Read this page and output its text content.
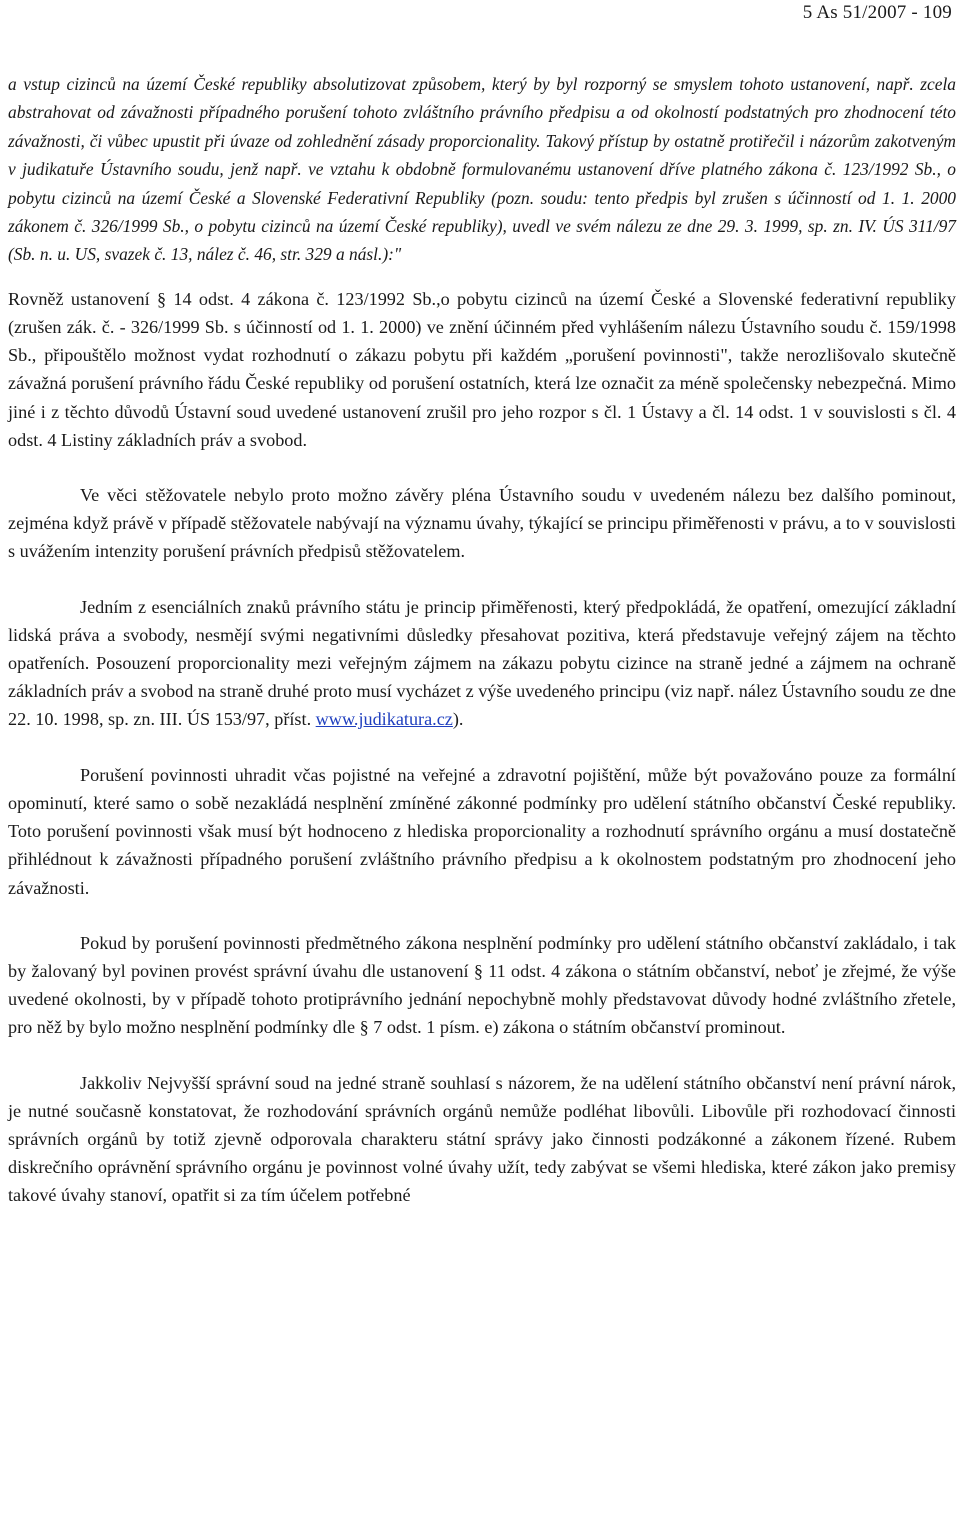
5 As 51/2007 - 109

a vstup cizinců na území České republiky absolutizovat způsobem, který by byl rozporný se smyslem tohoto ustanovení, např. zcela abstrahovat od závažnosti případného porušení tohoto zvláštního právního předpisu a od okolností podstatných pro zhodnocení této závažnosti, či vůbec upustit při úvaze od zohlednění zásady proporcionality. Takový přístup by ostatně protiřečil i názorům zakotveným v judikatuře Ústavního soudu, jenž např. ve vztahu k obdobně formulovanému ustanovení dříve platného zákona č. 123/1992 Sb., o pobytu cizinců na území České a Slovenské Federativní Republiky (pozn. soudu: tento předpis byl zrušen s účinností od 1. 1. 2000 zákonem č. 326/1999 Sb., o pobytu cizinců na území České republiky), uvedl ve svém nálezu ze dne 29. 3. 1999, sp. zn. IV. ÚS 311/97 (Sb. n. u. US, svazek č. 13, nález č. 46, str. 329 a násl.):"

Rovněž ustanovení § 14 odst. 4 zákona č. 123/1992 Sb.,o pobytu cizinců na území České a Slovenské federativní republiky (zrušen zák. č. - 326/1999 Sb. s účinností od 1. 1. 2000) ve znění účinném před vyhlášením nálezu Ústavního soudu č. 159/1998 Sb., připouštělo možnost vydat rozhodnutí o zákazu pobytu při každém „porušení povinnosti", takže nerozlišovalo skutečně závažná porušení právního řádu České republiky od porušení ostatních, která lze označit za méně společensky nebezpečná. Mimo jiné i z těchto důvodů Ústavní soud uvedené ustanovení zrušil pro jeho rozpor s čl. 1 Ústavy a čl. 14 odst. 1 v souvislosti s čl. 4 odst. 4 Listiny základních práv a svobod.

Ve věci stěžovatele nebylo proto možno závěry pléna Ústavního soudu v uvedeném nálezu bez dalšího pominout, zejména když právě v případě stěžovatele nabývají na významu úvahy, týkající se principu přiměřenosti v právu, a to v souvislosti s uvážením intenzity porušení právních předpisů stěžovatelem.

Jedním z esenciálních znaků právního státu je princip přiměřenosti, který předpokládá, že opatření, omezující základní lidská práva a svobody, nesmějí svými negativními důsledky přesahovat pozitiva, která představuje veřejný zájem na těchto opatřeních. Posouzení proporcionality mezi veřejným zájmem na zákazu pobytu cizince na straně jedné a zájmem na ochraně základních práv a svobod na straně druhé proto musí vycházet z výše uvedeného principu (viz např. nález Ústavního soudu ze dne 22. 10. 1998, sp. zn. III. ÚS 153/97, příst. www.judikatura.cz).

Porušení povinnosti uhradit včas pojistné na veřejné a zdravotní pojištění, může být považováno pouze za formální opominutí, které samo o sobě nezakládá nesplnění zmíněné zákonné podmínky pro udělení státního občanství České republiky. Toto porušení povinnosti však musí být hodnoceno z hlediska proporcionality a rozhodnutí správního orgánu a musí dostatečně přihlédnout k závažnosti případného porušení zvláštního právního předpisu a k okolnostem podstatným pro zhodnocení jeho závažnosti.

Pokud by porušení povinnosti předmětného zákona nesplnění podmínky pro udělení státního občanství zakládalo, i tak by žalovaný byl povinen provést správní úvahu dle ustanovení § 11 odst. 4 zákona o státním občanství, neboť je zřejmé, že výše uvedené okolnosti, by v případě tohoto protiprávního jednání nepochybně mohly představovat důvody hodné zvláštního zřetele, pro něž by bylo možno nesplnění podmínky dle § 7 odst. 1 písm. e) zákona o státním občanství prominout.

Jakkoliv Nejvyšší správní soud na jedné straně souhlasí s názorem, že na udělení státního občanství není právní nárok, je nutné současně konstatovat, že rozhodování správních orgánů nemůže podléhat libovůli. Libovůle při rozhodovací činnosti správních orgánů by totiž zjevně odporovala charakteru státní správy jako činnosti podzákonné a zákonem řízené. Rubem diskrečního oprávnění správního orgánu je povinnost volné úvahy užít, tedy zabývat se všemi hlediska, které zákon jako premisy takové úvahy stanoví, opatřit si za tím účelem potřebné
